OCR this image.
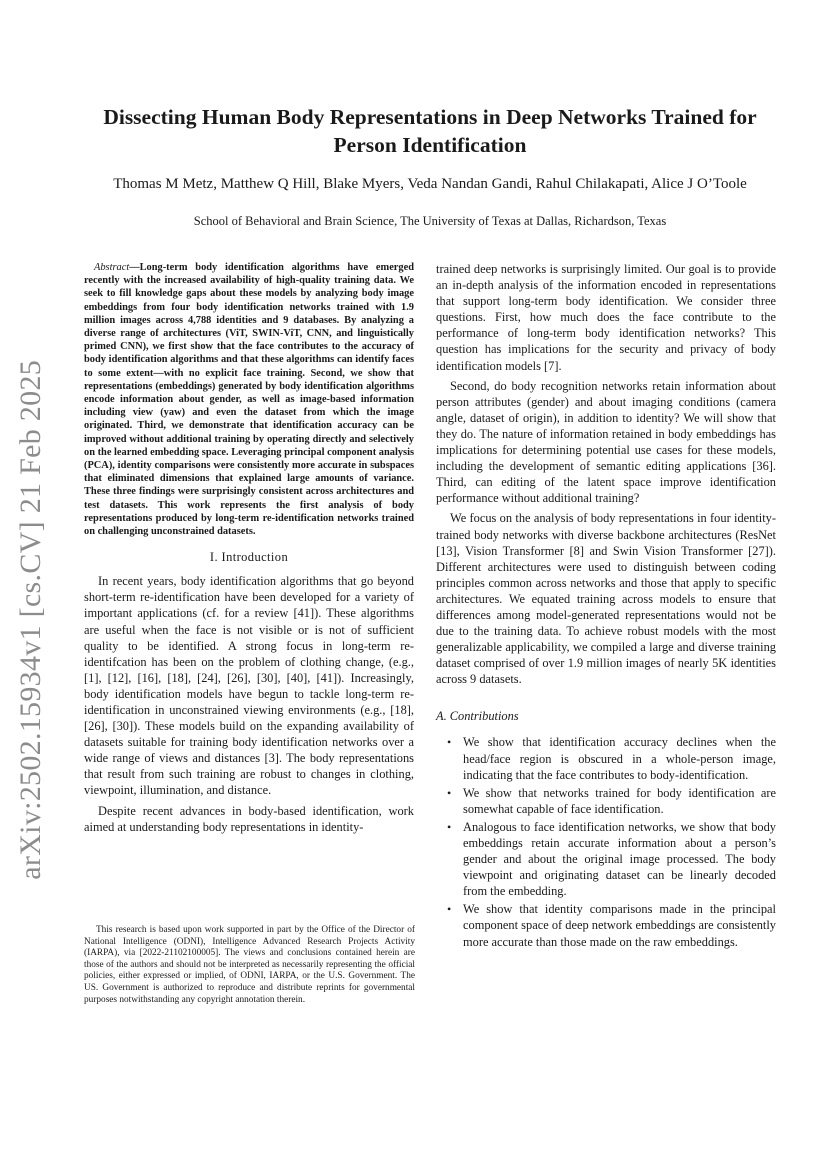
arXiv:2502.15934v1 [cs.CV] 21 Feb 2025
Dissecting Human Body Representations in Deep Networks Trained for Person Identification
Thomas M Metz, Matthew Q Hill, Blake Myers, Veda Nandan Gandi, Rahul Chilakapati, Alice J O’Toole
School of Behavioral and Brain Science, The University of Texas at Dallas, Richardson, Texas

Abstract—Long-term body identification algorithms have emerged recently with the increased availability of high-quality training data. We seek to fill knowledge gaps about these models by analyzing body image embeddings from four body identification networks trained with 1.9 million images across 4,788 identities and 9 databases. By analyzing a diverse range of architectures (ViT, SWIN-ViT, CNN, and linguistically primed CNN), we first show that the face contributes to the accuracy of body identification algorithms and that these algorithms can identify faces to some extent—with no explicit face training. Second, we show that representations (embeddings) generated by body identification algorithms encode information about gender, as well as image-based information including view (yaw) and even the dataset from which the image originated. Third, we demonstrate that identification accuracy can be improved without additional training by operating directly and selectively on the learned embedding space. Leveraging principal component analysis (PCA), identity comparisons were consistently more accurate in subspaces that eliminated dimensions that explained large amounts of variance. These three findings were surprisingly consistent across architectures and test datasets. This work represents the first analysis of body representations produced by long-term re-identification networks trained on challenging unconstrained datasets.

I. Introduction

In recent years, body identification algorithms that go beyond short-term re-identification have been developed for a variety of important applications (cf. for a review [41]). These algorithms are useful when the face is not visible or is not of sufficient quality to be identified. A strong focus in long-term re-identifcation has been on the problem of clothing change, (e.g., [1], [12], [16], [18], [24], [26], [30], [40], [41]). Increasingly, body identification models have begun to tackle long-term re-identification in unconstrained viewing environments (e.g., [18], [26], [30]). These models build on the expanding availability of datasets suitable for training body identification networks over a wide range of views and distances [3]. The body representations that result from such training are robust to changes in clothing, viewpoint, illumination, and distance.

Despite recent advances in body-based identification, work aimed at understanding body representations in identity-

This research is based upon work supported in part by the Office of the Director of National Intelligence (ODNI), Intelligence Advanced Research Projects Activity (IARPA), via [2022-21102100005]. The views and conclusions contained herein are those of the authors and should not be interpreted as necessarily representing the official policies, either expressed or implied, of ODNI, IARPA, or the U.S. Government. The US. Government is authorized to reproduce and distribute reprints for governmental purposes notwithstanding any copyright annotation therein.

trained deep networks is surprisingly limited. Our goal is to provide an in-depth analysis of the information encoded in representations that support long-term body identification. We consider three questions. First, how much does the face contribute to the performance of long-term body identification networks? This question has implications for the security and privacy of body identification models [7].

Second, do body recognition networks retain information about person attributes (gender) and about imaging conditions (camera angle, dataset of origin), in addition to identity? We will show that they do. The nature of information retained in body embeddings has implications for determining potential use cases for these models, including the development of semantic editing applications [36]. Third, can editing of the latent space improve identification performance without additional training?

We focus on the analysis of body representations in four identity-trained body networks with diverse backbone architectures (ResNet [13], Vision Transformer [8] and Swin Vision Transformer [27]). Different architectures were used to distinguish between coding principles common across networks and those that apply to specific architectures. We equated training across models to ensure that differences among model-generated representations would not be due to the training data. To achieve robust models with the most generalizable applicability, we compiled a large and diverse training dataset comprised of over 1.9 million images of nearly 5K identities across 9 datasets.

A. Contributions
• We show that identification accuracy declines when the head/face region is obscured in a whole-person image, indicating that the face contributes to body-identification.
• We show that networks trained for body identification are somewhat capable of face identification.
• Analogous to face identification networks, we show that body embeddings retain accurate information about a person’s gender and about the original image processed. The body viewpoint and originating dataset can be linearly decoded from the embedding.
• We show that identity comparisons made in the principal component space of deep network embeddings are consistently more accurate than those made on the raw embeddings.
